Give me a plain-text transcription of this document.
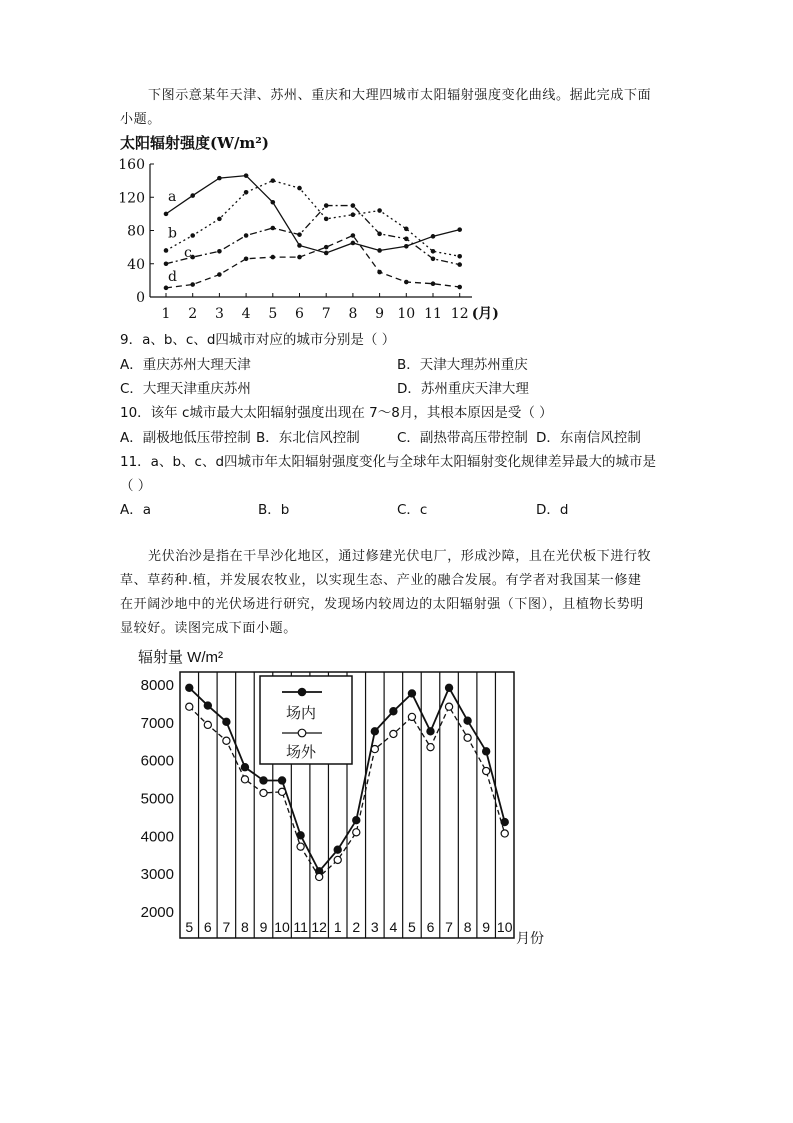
下图示意某年天津、苏州、重庆和大理四城市太阳辐射强度变化曲线。据此完成下面
小题。
太阳辐射强度(W/m²)
0
40
80
120
160
1 2 3 4 5 6 7 8 9 10 11 12 (月)
a
b
c
d
9．a、b、c、d四城市对应的城市分别是（ ）
A．重庆苏州大理天津	B．天津大理苏州重庆
C．大理天津重庆苏州	D．苏州重庆天津大理
10．该年 c城市最大太阳辐射强度出现在 7～8月，其根本原因是受（ ）
A．副极地低压带控制 B．东北信风控制	C．副热带高压带控制 D．东南信风控制
11．a、b、c、d四城市年太阳辐射强度变化与全球年太阳辐射变化规律差异最大的城市是
（ ）
A．a	B．b	C．c	D．d
光伏治沙是指在干旱沙化地区，通过修建光伏电厂，形成沙障，且在光伏板下进行牧
草、草药种.植，并发展农牧业，以实现生态、产业的融合发展。有学者对我国某一修建
在开阔沙地中的光伏场进行研究，发现场内较周边的太阳辐射强（下图），且植物长势明
显较好。读图完成下面小题。
辐射量 W/m²
2000
3000
4000
5000
6000
7000
8000
5 6 7 8 9 10 11 12 1 2 3 4 5 6 7 8 9 10
月份
场内
场外
